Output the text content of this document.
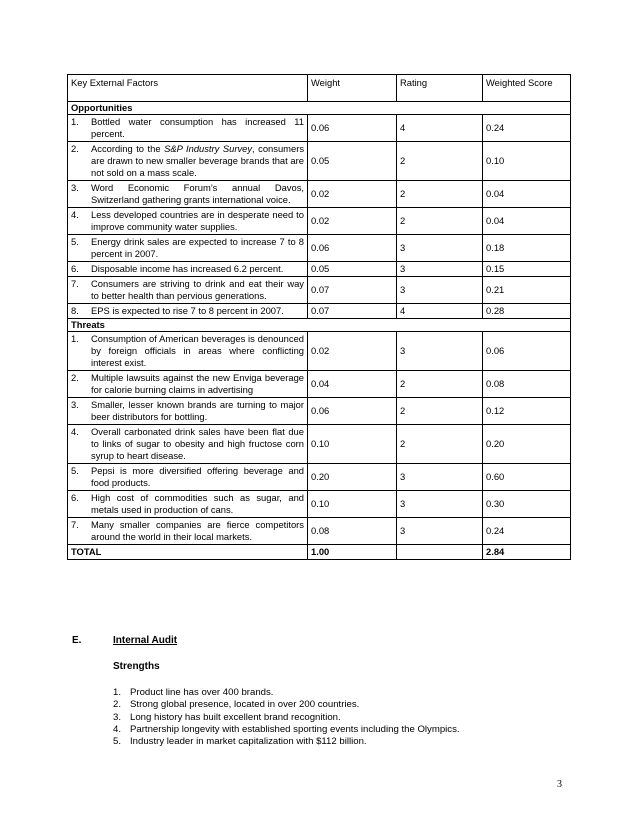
Key External Factors	Weight	Rating	Weighted Score
Opportunities			

1. Bottled water consumption has increased 11 percent.	0.06	4	0.24

2. According to the S&P Industry Survey, consumers are drawn to new smaller beverage brands that are not sold on a mass scale.	0.05	2	0.10

3. Word Economic Forum’s annual Davos, Switzerland gathering grants international voice.	0.02	2	0.04

4. Less developed countries are in desperate need to improve community water supplies.	0.02	2	0.04

5. Energy drink sales are expected to increase 7 to 8 percent in 2007.	0.06	3	0.18

6. Disposable income has increased 6.2 percent.	0.05	3	0.15

7. Consumers are striving to drink and eat their way to better health than pervious generations.	0.07	3	0.21

8. EPS is expected to rise 7 to 8 percent in 2007.	0.07	4	0.28
Threats			

1. Consumption of American beverages is denounced by foreign officials in areas where conflicting interest exist.	0.02	3	0.06

2. Multiple lawsuits against the new Enviga beverage for calorie burning claims in advertising	0.04	2	0.08

3. Smaller, lesser known brands are turning to major beer distributors for bottling.	0.06	2	0.12

4. Overall carbonated drink sales have been flat due to links of sugar to obesity and high fructose corn syrup to heart disease.	0.10	2	0.20

5. Pepsi is more diversified offering beverage and food products.	0.20	3	0.60

6. High cost of commodities such as sugar, and metals used in production of cans.	0.10	3	0.30

7. Many smaller companies are fierce competitors around the world in their local markets.	0.08	3	0.24
TOTAL	1.00		2.84
E.	Internal Audit
Strengths
1. Product line has over 400 brands.
2. Strong global presence, located in over 200 countries.
3. Long history has built excellent brand recognition.
4. Partnership longevity with established sporting events including the Olympics.
5. Industry leader in market capitalization with $112 billion.
3
